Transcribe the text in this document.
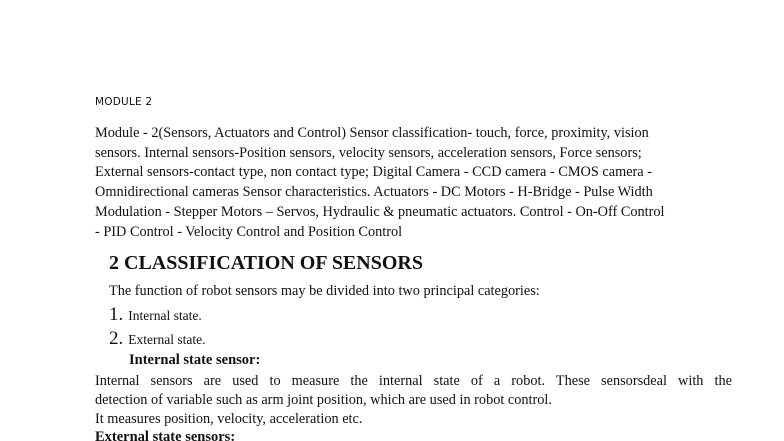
MODULE 2
Module - 2(Sensors, Actuators and Control) Sensor classification- touch, force, proximity, vision
sensors. Internal sensors-Position sensors, velocity sensors, acceleration sensors, Force sensors;
External sensors-contact type, non contact type; Digital Camera - CCD camera - CMOS camera -
Omnidirectional cameras Sensor characteristics. Actuators - DC Motors - H-Bridge - Pulse Width
Modulation - Stepper Motors – Servos, Hydraulic & pneumatic actuators. Control - On-Off Control
- PID Control - Velocity Control and Position Control
2 CLASSIFICATION OF SENSORS
The function of robot sensors may be divided into two principal categories:
1. Internal state.
2. External state.
Internal state sensor:
Internal sensors are used to measure the internal state of a robot. These sensorsdeal with the
detection of variable such as arm joint position, which are used in robot control.
It measures position, velocity, acceleration etc.
External state sensors:
